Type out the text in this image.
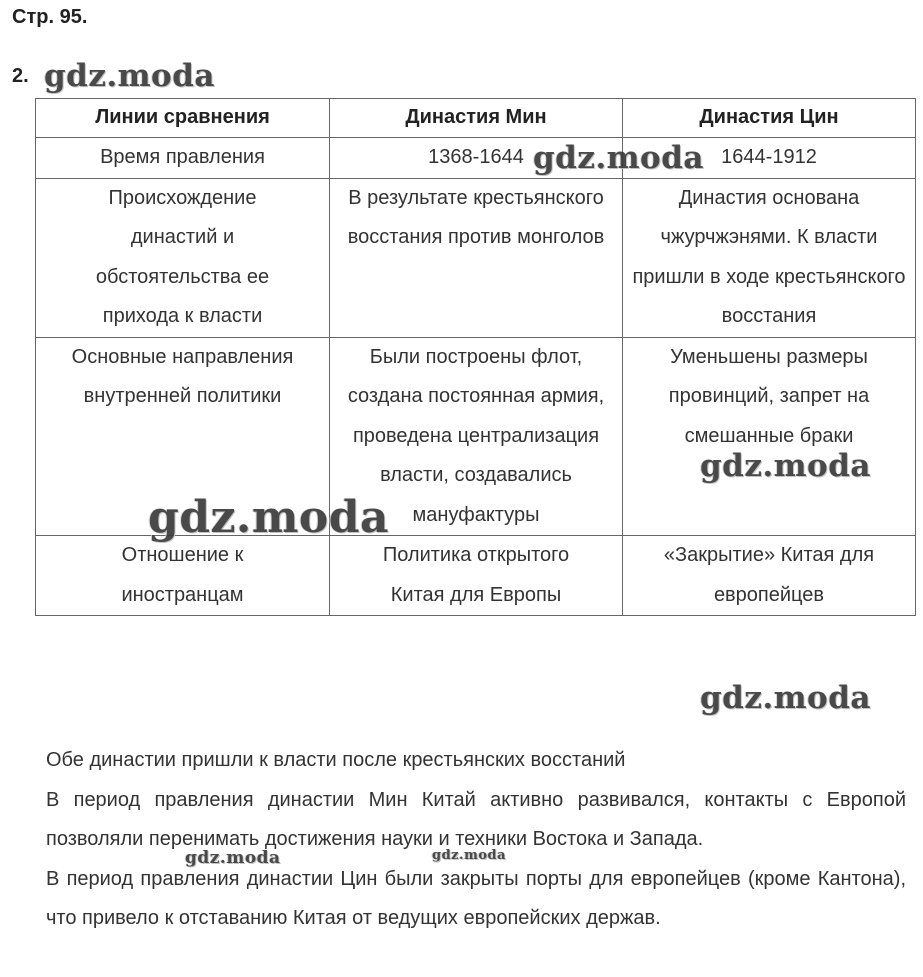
Стр. 95.
2.
Линии сравнения	Династия Мин	Династия Цин
Время правления	1368-1644	1644-1912
Происхождение династий и обстоятельства ее прихода к власти	В результате крестьянского восстания против монголов	Династия основана чжурчжэнями. К власти пришли в ходе крестьянского восстания
Основные направления внутренней политики	Были построены флот, создана постоянная армия, проведена централизация власти, создавались мануфактуры	Уменьшены размеры провинций, запрет на смешанные браки
Отношение к иностранцам	Политика открытого Китая для Европы	«Закрытие» Китая для европейцев

Обе династии пришли к власти после крестьянских восстаний

В период правления династии Мин Китай активно развивался, контакты с Европой позволяли перенимать достижения науки и техники Востока и Запада.

В период правления династии Цин были закрыты порты для европейцев (кроме Кантона), что привело к отставанию Китая от ведущих европейских держав.

gdz.moda
gdz.moda
gdz.moda
gdz.moda
gdz.moda
gdz.moda	gdz.moda
